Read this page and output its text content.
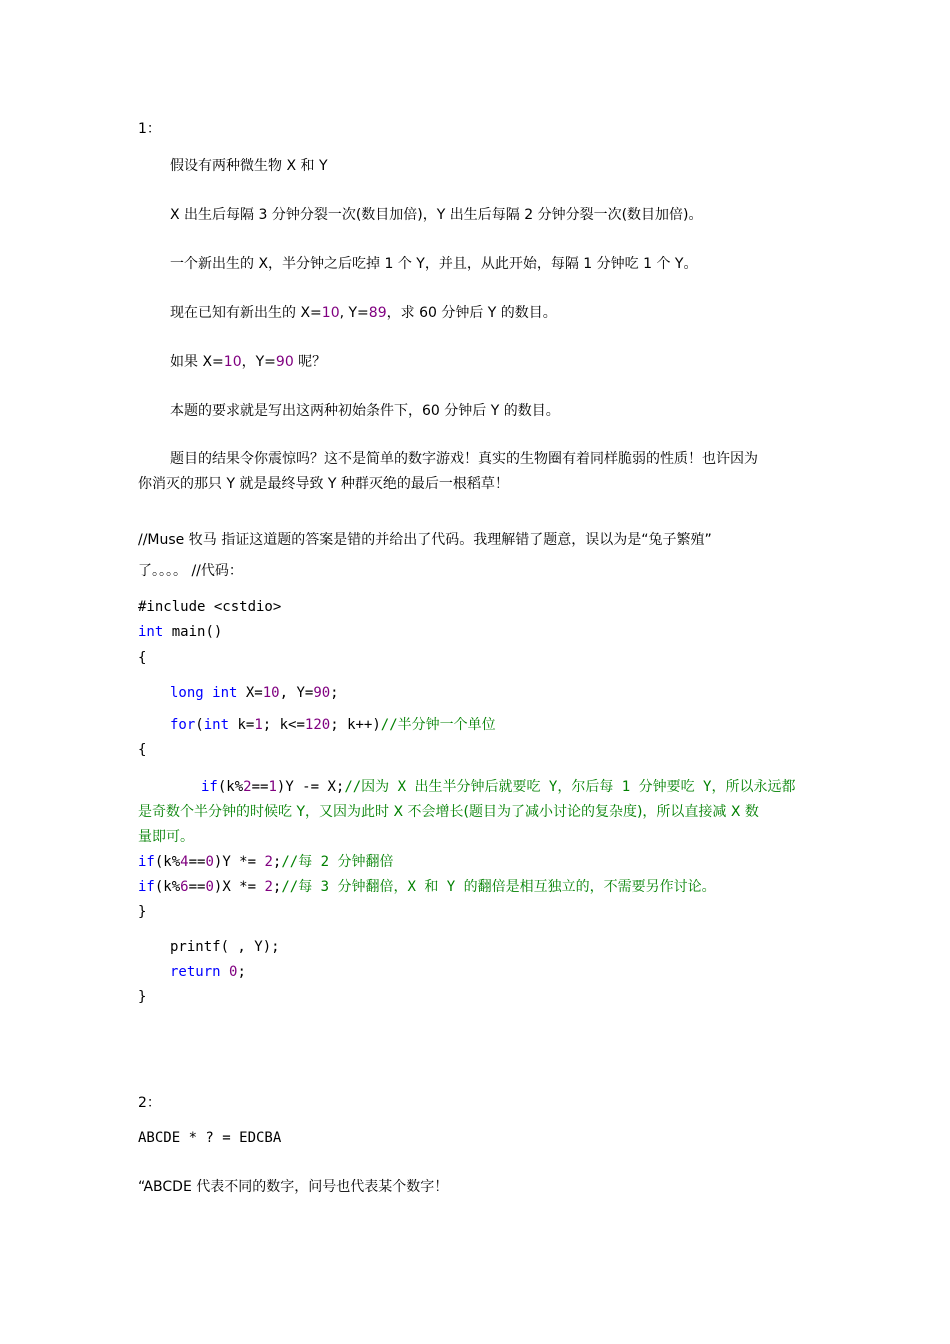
1：
假设有两种微生物 X 和 Y
X 出生后每隔 3 分钟分裂一次(数目加倍)，Y 出生后每隔 2 分钟分裂一次(数目加倍)。
一个新出生的 X，半分钟之后吃掉 1 个 Y，并且，从此开始，每隔 1 分钟吃 1 个 Y。
现在已知有新出生的 X=10, Y=89，求 60 分钟后 Y 的数目。
如果 X=10，Y=90 呢？
本题的要求就是写出这两种初始条件下，60 分钟后 Y 的数目。
题目的结果令你震惊吗？这不是简单的数字游戏！真实的生物圈有着同样脆弱的性质！也许因为
你消灭的那只 Y 就是最终导致 Y 种群灭绝的最后一根稻草！
//Muse 牧马 指证这道题的答案是错的并给出了代码。我理解错了题意，误以为是“兔子繁殖”
了。。。。 //代码：
#include <cstdio>
int main()
{
long int X=10, Y=90;
for(int k=1; k<=120; k++)//半分钟一个单位
{
if(k%2==1)Y -= X;//因为 X 出生半分钟后就要吃 Y，尔后每 1 分钟要吃 Y，所以永远都
是奇数个半分钟的时候吃 Y，又因为此时 X 不会增长(题目为了减小讨论的复杂度)，所以直接减 X 数
量即可。
if(k%4==0)Y *= 2;//每 2 分钟翻倍
if(k%6==0)X *= 2;//每 3 分钟翻倍，X 和 Y 的翻倍是相互独立的，不需要另作讨论。
}
printf( , Y);
return 0;
}
2：
ABCDE * ? = EDCBA
“ABCDE 代表不同的数字，问号也代表某个数字！
